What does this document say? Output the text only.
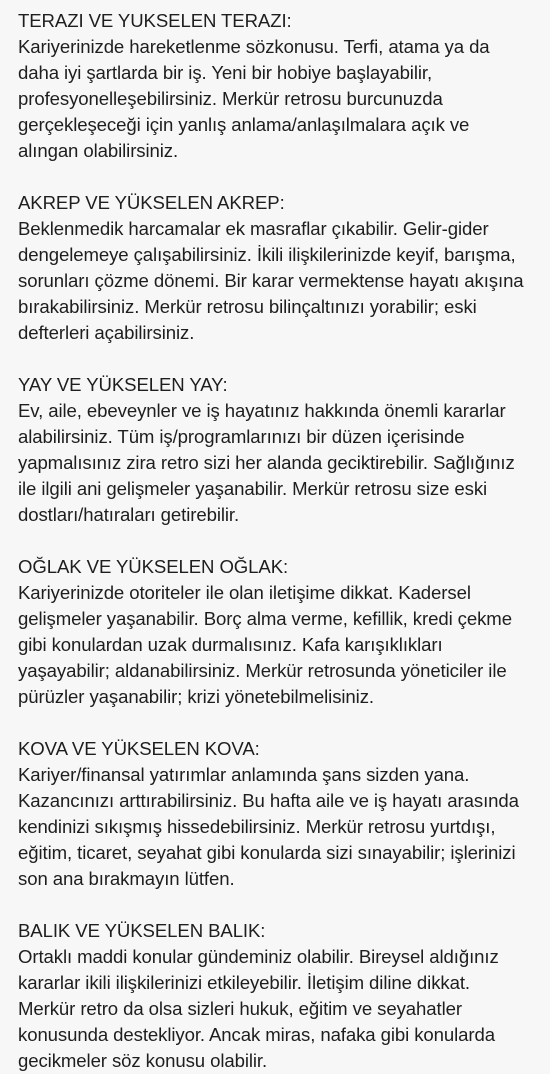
TERAZI VE YUKSELEN TERAZI:

Kariyerinizde hareketlenme sözkonusu. Terfi, atama ya da
daha iyi şartlarda bir iş. Yeni bir hobiye başlayabilir,
profesyonelleşebilirsiniz. Merkür retrosu burcunuzda
gerçekleşeceği için yanlış anlama/anlaşılmalara açık ve
alıngan olabilirsiniz.

AKREP VE YÜKSELEN AKREP:

Beklenmedik harcamalar ek masraflar çıkabilir. Gelir-gider
dengelemeye çalışabilirsiniz. İkili ilişkilerinizde keyif, barışma,
sorunları çözme dönemi. Bir karar vermektense hayatı akışına
bırakabilirsiniz. Merkür retrosu bilinçaltınızı yorabilir; eski
defterleri açabilirsiniz.

YAY VE YÜKSELEN YAY:

Ev, aile, ebeveynler ve iş hayatınız hakkında önemli kararlar
alabilirsiniz. Tüm iş/programlarınızı bir düzen içerisinde
yapmalısınız zira retro sizi her alanda geciktirebilir. Sağlığınız
ile ilgili ani gelişmeler yaşanabilir. Merkür retrosu size eski
dostları/hatıraları getirebilir.

OĞLAK VE YÜKSELEN OĞLAK:

Kariyerinizde otoriteler ile olan iletişime dikkat. Kadersel
gelişmeler yaşanabilir. Borç alma verme, kefillik, kredi çekme
gibi konulardan uzak durmalısınız. Kafa karışıklıkları
yaşayabilir; aldanabilirsiniz. Merkür retrosunda yöneticiler ile
pürüzler yaşanabilir; krizi yönetebilmelisiniz.

KOVA VE YÜKSELEN KOVA:

Kariyer/finansal yatırımlar anlamında şans sizden yana.
Kazancınızı arttırabilirsiniz. Bu hafta aile ve iş hayatı arasında
kendinizi sıkışmış hissedebilirsiniz. Merkür retrosu yurtdışı,
eğitim, ticaret, seyahat gibi konularda sizi sınayabilir; işlerinizi
son ana bırakmayın lütfen.

BALIK VE YÜKSELEN BALIK:

Ortaklı maddi konular gündeminiz olabilir. Bireysel aldığınız
kararlar ikili ilişkilerinizi etkileyebilir. İletişim diline dikkat.
Merkür retro da olsa sizleri hukuk, eğitim ve seyahatler
konusunda destekliyor. Ancak miras, nafaka gibi konularda
gecikmeler söz konusu olabilir.
